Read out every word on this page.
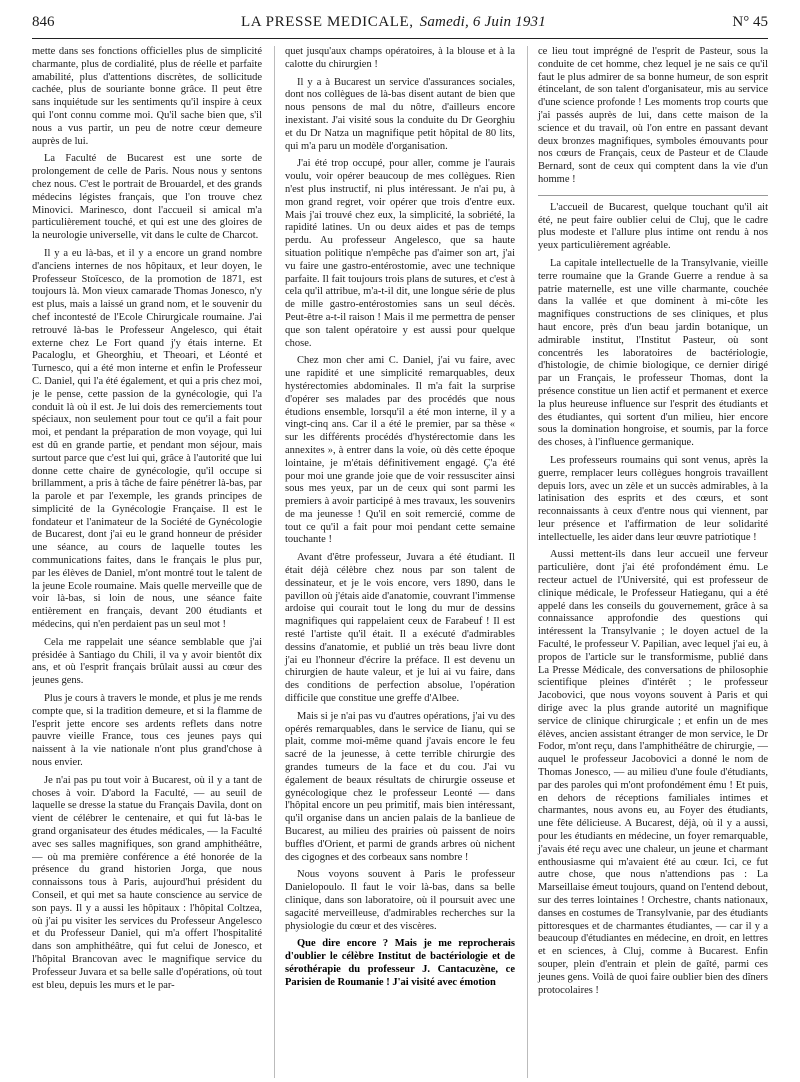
846	LA PRESSE MEDICALE, Samedi, 6 Juin 1931	N° 45

mette dans ses fonctions officielles plus de simplicité charmante, plus de cordialité, plus de réelle et parfaite amabilité, plus d'attentions discrètes, de sollicitude cachée, plus de souriante bonne grâce. Il peut être sans inquiétude sur les sentiments qu'il inspire à ceux qui l'ont connu comme moi. Qu'il sache bien que, s'il nous a vus partir, un peu de notre cœur demeure auprès de lui.

La Faculté de Bucarest est une sorte de prolongement de celle de Paris. Nous nous y sentons chez nous. C'est le portrait de Brouardel, et des grands médecins légistes français, que l'on trouve chez Minovici. Marinesco, dont l'accueil si amical m'a particulièrement touché, et qui est une des gloires de la neurologie universelle, vit dans le culte de Charcot.

Il y a eu là-bas, et il y a encore un grand nombre d'anciens internes de nos hôpitaux, et leur doyen, le Professeur Stoïcesco, de la promotion de 1871, est toujours là. Mon vieux camarade Thomas Jonesco, n'y est plus, mais a laissé un grand nom, et le souvenir du chef incontesté de l'Ecole Chirurgicale roumaine. J'ai retrouvé là-bas le Professeur Angelesco, qui était externe chez Le Fort quand j'y étais interne. Et Pacaloglu, et Gheorghiu, et Theoari, et Léonté et Turnesco, qui a été mon interne et enfin le Professeur C. Daniel, qui l'a été également, et qui a pris chez moi, je le pense, cette passion de la gynécologie, qui l'a conduit là où il est. Je lui dois des remerciements tout spéciaux, non seulement pour tout ce qu'il a fait pour moi, et pendant la préparation de mon voyage, qui lui est dû en grande partie, et pendant mon séjour, mais surtout parce que c'est lui qui, grâce à l'autorité que lui donne cette chaire de gynécologie, qu'il occupe si brillamment, a pris à tâche de faire pénétrer là-bas, par la parole et par l'exemple, les grands principes de simplicité de la Gynécologie Française. Il est le fondateur et l'animateur de la Société de Gynécologie de Bucarest, dont j'ai eu le grand honneur de présider une séance, au cours de laquelle toutes les communications faites, dans le français le plus pur, par les élèves de Daniel, m'ont montré tout le talent de la jeune Ecole roumaine. Mais quelle merveille que de voir là-bas, si loin de nous, une séance faite entièrement en français, devant 200 étudiants et médecins, qui n'en perdaient pas un seul mot !

Cela me rappelait une séance semblable que j'ai présidée à Santiago du Chili, il va y avoir bientôt dix ans, et où l'esprit français brûlait aussi au cœur des jeunes gens.

Plus je cours à travers le monde, et plus je me rends compte que, si la tradition demeure, et si la flamme de l'esprit jette encore ses ardents reflets dans notre pauvre vieille France, tous ces jeunes pays qui naissent à la vie nationale n'ont plus grand'chose à nous envier.

Je n'ai pas pu tout voir à Bucarest, où il y a tant de choses à voir. D'abord la Faculté, — au seuil de laquelle se dresse la statue du Français Davila, dont on vient de célébrer le centenaire, et qui fut là-bas le grand organisateur des études médicales, — la Faculté avec ses salles magnifiques, son grand amphithéâtre, — où ma première conférence a été honorée de la présence du grand historien Jorga, que nous connaissons tous à Paris, aujourd'hui président du Conseil, et qui met sa haute conscience au service de son pays. Il y a aussi les hôpitaux : l'hôpital Coltzea, où j'ai pu visiter les services du Professeur Angelesco et du Professeur Daniel, qui m'a offert l'hospitalité dans son amphithéâtre, qui fut celui de Jonesco, et l'hôpital Brancovan avec le magnifique service du Professeur Juvara et sa belle salle d'opérations, où tout est bleu, depuis les murs et le par-

quet jusqu'aux champs opératoires, à la blouse et à la calotte du chirurgien !

Il y a à Bucarest un service d'assurances sociales, dont nos collègues de là-bas disent autant de bien que nous pensons de mal du nôtre, d'ailleurs encore inexistant. J'ai visité sous la conduite du Dr Georghiu et du Dr Natza un magnifique petit hôpital de 80 lits, qui m'a paru un modèle d'organisation.

J'ai été trop occupé, pour aller, comme je l'aurais voulu, voir opérer beaucoup de mes collègues. Rien n'est plus instructif, ni plus intéressant. Je n'ai pu, à mon grand regret, voir opérer que trois d'entre eux. Mais j'ai trouvé chez eux, la simplicité, la sobriété, la rapidité latines. Un ou deux aides et pas de temps perdu. Au professeur Angelesco, que sa haute situation politique n'empêche pas d'aimer son art, j'ai vu faire une gastro-entérostomie, avec une technique parfaite. Il fait toujours trois plans de sutures, et c'est à cela qu'il attribue, m'a-t-il dit, une longue série de plus de mille gastro-entérostomies sans un seul décès. Peut-être a-t-il raison ! Mais il me permettra de penser que son talent opératoire y est aussi pour quelque chose.

Chez mon cher ami C. Daniel, j'ai vu faire, avec une rapidité et une simplicité remarquables, deux hystérectomies abdominales. Il m'a fait la surprise d'opérer ses malades par des procédés que nous étudions ensemble, lorsqu'il a été mon interne, il y a vingt-cinq ans. Car il a été le premier, par sa thèse « sur les différents procédés d'hystérectomie dans les annexites », à entrer dans la voie, où dès cette époque lointaine, je m'étais définitivement engagé. Ç'a été pour moi une grande joie que de voir ressusciter ainsi sous mes yeux, par un de ceux qui sont parmi les premiers à avoir participé à mes travaux, les souvenirs de ma jeunesse ! Qu'il en soit remercié, comme de tout ce qu'il a fait pour moi pendant cette semaine touchante !

Avant d'être professeur, Juvara a été étudiant. Il était déjà célèbre chez nous par son talent de dessinateur, et je le vois encore, vers 1890, dans le pavillon où j'étais aide d'anatomie, couvrant l'immense ardoise qui courait tout le long du mur de dessins magnifiques qui rappelaient ceux de Farabeuf ! Il est resté l'artiste qu'il était. Il a exécuté d'admirables dessins d'anatomie, et publié un très beau livre dont j'ai eu l'honneur d'écrire la préface. Il est devenu un chirurgien de haute valeur, et je lui ai vu faire, dans des conditions de perfection absolue, l'opération difficile que constitue une greffe d'Albee.

Mais si je n'ai pas vu d'autres opérations, j'ai vu des opérés remarquables, dans le service de Iianu, qui se plait, comme moi-même quand j'avais encore le feu sacré de la jeunesse, à cette terrible chirurgie des grandes tumeurs de la face et du cou. J'ai vu également de beaux résultats de chirurgie osseuse et gynécologique chez le professeur Leonté — dans l'hôpital encore un peu primitif, mais bien intéressant, qu'il organise dans un ancien palais de la banlieue de Bucarest, au milieu des prairies où paissent de noirs buffles d'Orient, et parmi de grands arbres où nichent des cigognes et des corbeaux sans nombre !

Nous voyons souvent à Paris le professeur Danielopoulo. Il faut le voir là-bas, dans sa belle clinique, dans son laboratoire, où il poursuit avec une sagacité merveilleuse, d'admirables recherches sur la physiologie du cœur et des viscères.

Que dire encore ? Mais je me reprocherais d'oublier le célèbre Institut de bactériologie et de sérothérapie du professeur J. Cantacuzène, ce Parisien de Roumanie ! J'ai visité avec émotion

ce lieu tout imprégné de l'esprit de Pasteur, sous la conduite de cet homme, chez lequel je ne sais ce qu'il faut le plus admirer de sa bonne humeur, de son esprit étincelant, de son talent d'organisateur, mis au service d'une science profonde ! Les moments trop courts que j'ai passés auprès de lui, dans cette maison de la science et du travail, où l'on entre en passant devant deux bronzes magnifiques, symboles émouvants pour nos cœurs de Français, ceux de Pasteur et de Claude Bernard, sont de ceux qui comptent dans la vie d'un homme !

L'accueil de Bucarest, quelque touchant qu'il ait été, ne peut faire oublier celui de Cluj, que le cadre plus modeste et l'allure plus intime ont rendu à nos yeux particulièrement agréable.

La capitale intellectuelle de la Transylvanie, vieille terre roumaine que la Grande Guerre a rendue à sa patrie maternelle, est une ville charmante, couchée dans la vallée et que dominent à mi-côte les magnifiques constructions de ses cliniques, et plus haut encore, près d'un beau jardin botanique, un admirable institut, l'Institut Pasteur, où sont concentrés les laboratoires de bactériologie, d'histologie, de chimie biologique, ce dernier dirigé par un Français, le professeur Thomas, dont la présence constitue un lien actif et permanent et exerce la plus heureuse influence sur l'esprit des étudiants et des étudiantes, qui sortent d'un milieu, hier encore sous la domination hongroise, et soumis, par la force des choses, à l'influence germanique.

Les professeurs roumains qui sont venus, après la guerre, remplacer leurs collègues hongrois travaillent depuis lors, avec un zèle et un succès admirables, à la latinisation des esprits et des cœurs, et sont reconnaissants à ceux d'entre nous qui viennent, par leur présence et l'affirmation de leur solidarité intellectuelle, les aider dans leur œuvre patriotique !

Aussi mettent-ils dans leur accueil une ferveur particulière, dont j'ai été profondément ému. Le recteur actuel de l'Université, qui est professeur de clinique médicale, le Professeur Hatieganu, qui a été appelé dans les conseils du gouvernement, grâce à sa connaissance approfondie des questions qui intéressent la Transylvanie ; le doyen actuel de la Faculté, le professeur V. Papilian, avec lequel j'ai eu, à propos de l'article sur le transformisme, publié dans La Presse Médicale, des conversations de philosophie scientifique pleines d'intérêt ; le professeur Jacobovici, que nous voyons souvent à Paris et qui dirige avec la plus grande autorité un magnifique service de clinique chirurgicale ; et enfin un de mes élèves, ancien assistant étranger de mon service, le Dr Fodor, m'ont reçu, dans l'amphithéâtre de chirurgie, — auquel le professeur Jacobovici a donné le nom de Thomas Jonesco, — au milieu d'une foule d'étudiants, par des paroles qui m'ont profondément ému ! Et puis, en dehors de réceptions familiales intimes et charmantes, nous avons eu, au Foyer des étudiants, une fête délicieuse. A Bucarest, déjà, où il y a aussi, pour les étudiants en médecine, un foyer remarquable, j'avais été reçu avec une chaleur, un jeune et charmant enthousiasme qui m'avaient été au cœur. Ici, ce fut autre chose, que nous n'attendions pas : La Marseillaise émeut toujours, quand on l'entend debout, sur des terres lointaines ! Orchestre, chants nationaux, danses en costumes de Transylvanie, par des étudiants pittoresques et de charmantes étudiantes, — car il y a beaucoup d'étudiantes en médecine, en droit, en lettres et en sciences, à Cluj, comme à Bucarest. Enfin souper, plein d'entrain et plein de gaîté, parmi ces jeunes gens. Voilà de quoi faire oublier bien des dîners protocolaires !
